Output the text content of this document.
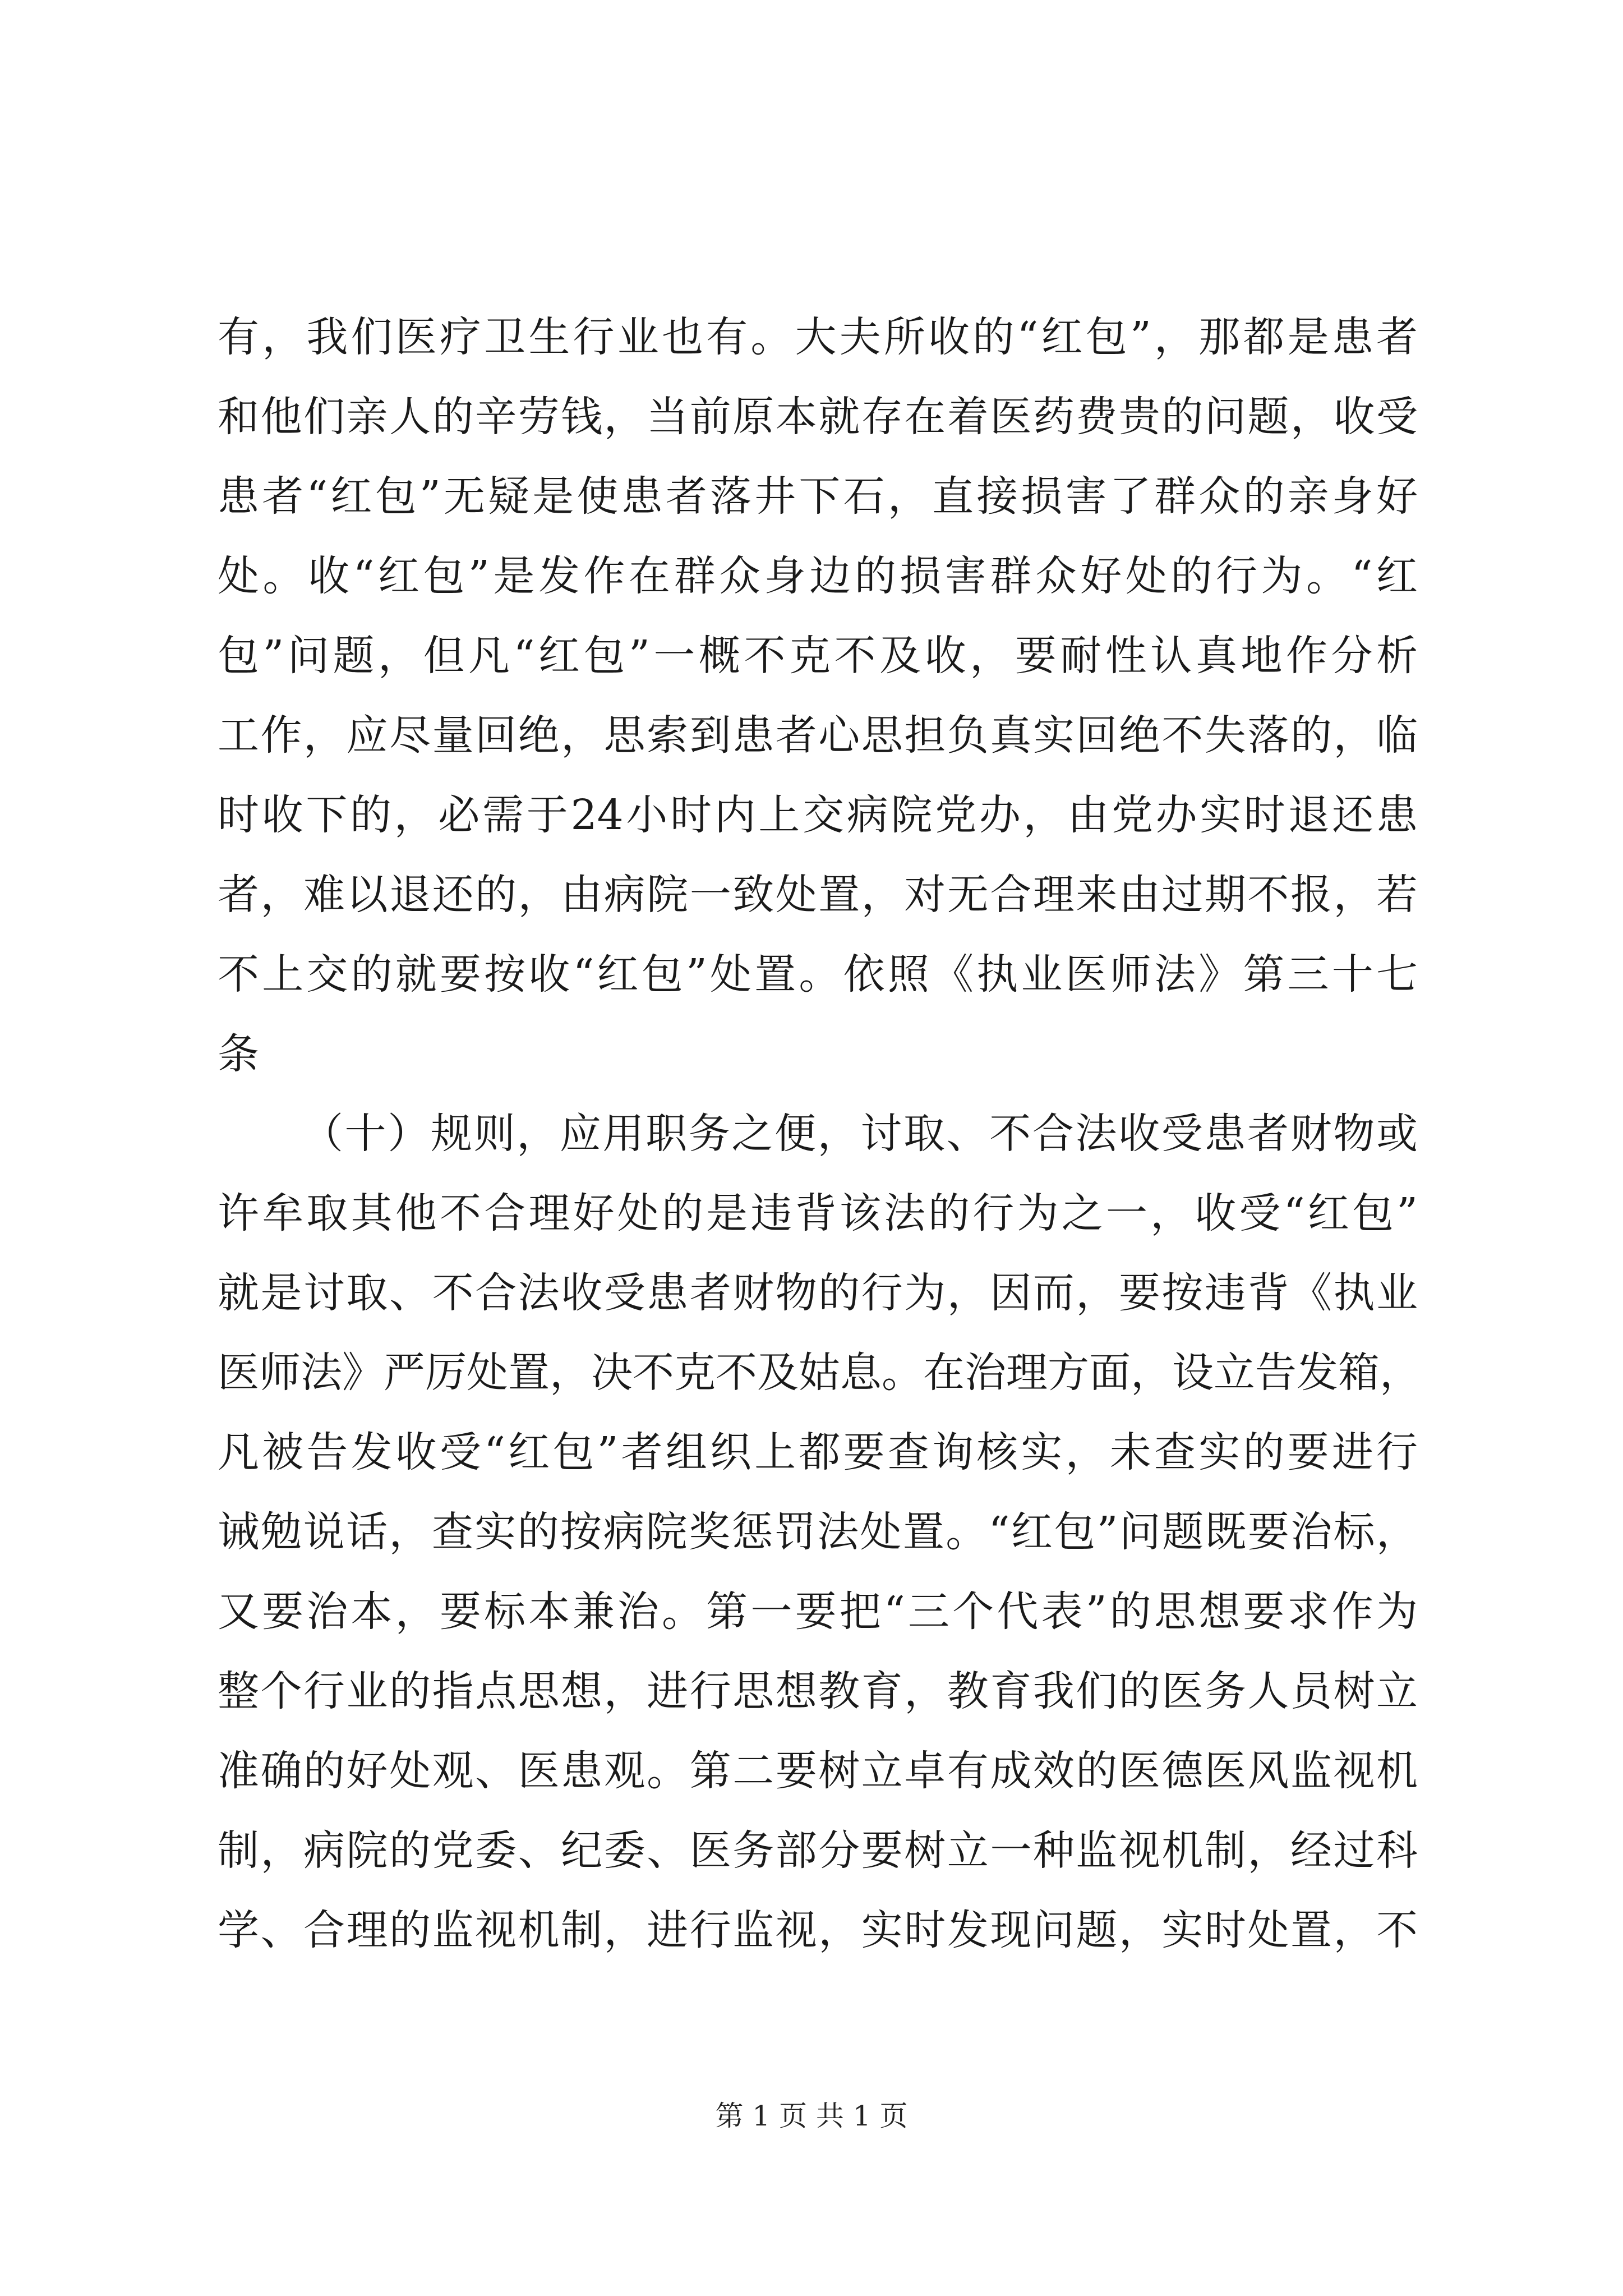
有，我们医疗卫生行业也有。大夫所收的“红包”，那都是患者
和他们亲人的辛劳钱，当前原本就存在着医药费贵的问题，收受
患者“红包”无疑是使患者落井下石，直接损害了群众的亲身好
处。收“红包”是发作在群众身边的损害群众好处的行为。“红
包”问题，但凡“红包”一概不克不及收，要耐性认真地作分析
工作，应尽量回绝，思索到患者心思担负真实回绝不失落的，临
时收下的，必需于24小时内上交病院党办，由党办实时退还患
者，难以退还的，由病院一致处置，对无合理来由过期不报，若
不上交的就要按收“红包”处置。依照《执业医师法》第三十七
条
（十）规则，应用职务之便，讨取、不合法收受患者财物或
许牟取其他不合理好处的是违背该法的行为之一，收受“红包”
就是讨取、不合法收受患者财物的行为，因而，要按违背《执业
医师法》严厉处置，决不克不及姑息。在治理方面，设立告发箱，
凡被告发收受“红包”者组织上都要查询核实，未查实的要进行
诫勉说话，查实的按病院奖惩罚法处置。“红包”问题既要治标，
又要治本，要标本兼治。第一要把“三个代表”的思想要求作为
整个行业的指点思想，进行思想教育，教育我们的医务人员树立
准确的好处观、医患观。第二要树立卓有成效的医德医风监视机
制，病院的党委、纪委、医务部分要树立一种监视机制，经过科
学、合理的监视机制，进行监视，实时发现问题，实时处置，不
第 1 页 共 1 页
